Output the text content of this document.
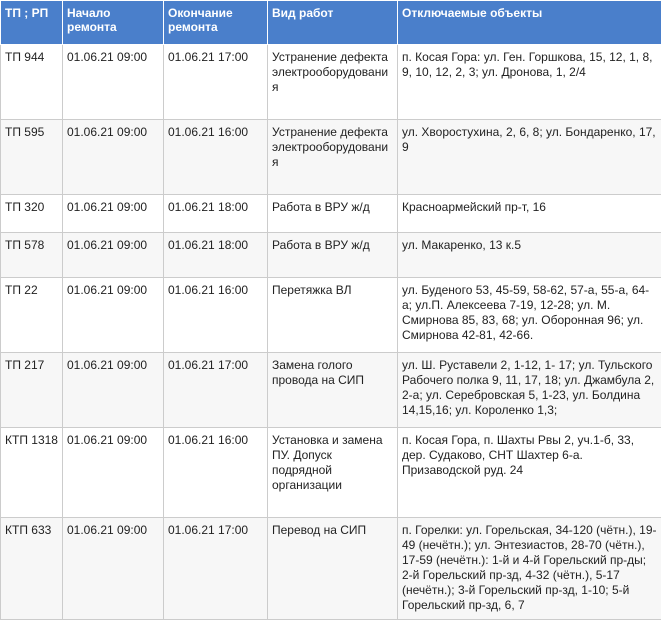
ТП ; РП	Начало ремонта	Окончание ремонта	Вид работ	Отключаемые объекты
ТП 944	01.06.21 09:00	01.06.21 17:00	Устранение дефекта электрооборудования	п. Косая Гора: ул. Ген. Горшкова, 15, 12, 1, 8, 9, 10, 12, 2, 3; ул. Дронова, 1, 2/4
ТП 595	01.06.21 09:00	01.06.21 16:00	Устранение дефекта электрооборудования	ул. Хворостухина, 2, 6, 8; ул. Бондаренко, 17, 9
ТП 320	01.06.21 09:00	01.06.21 18:00	Работа в ВРУ ж/д	Красноармейский пр-т, 16
ТП 578	01.06.21 09:00	01.06.21 18:00	Работа в ВРУ ж/д	ул. Макаренко, 13 к.5
ТП 22	01.06.21 09:00	01.06.21 16:00	Перетяжка ВЛ	ул. Буденого 53, 45-59, 58-62, 57-а, 55-а, 64-а; ул.П. Алексеева 7-19, 12-28; ул. М. Смирнова 85, 83, 68; ул. Оборонная 96; ул. Смирнова 42-81, 42-66.
ТП 217	01.06.21 09:00	01.06.21 17:00	Замена голого провода на СИП	ул. Ш. Руставели 2, 1-12, 1- 17; ул. Тульского Рабочего полка 9, 11, 17, 18; ул. Джамбула 2, 2-а; ул. Серебровская 5, 1-23, ул. Болдина 14,15,16; ул. Короленко 1,3;
КТП 1318	01.06.21 09:00	01.06.21 16:00	Установка и замена ПУ. Допуск подрядной организации	п. Косая Гора, п. Шахты Рвы 2, уч.1-б, 33, дер. Судаково, СНТ Шахтер 6-а. Призаводской руд. 24
КТП 633	01.06.21 09:00	01.06.21 17:00	Перевод на СИП	п. Горелки: ул. Горельская, 34-120 (чётн.), 19-49 (нечётн.); ул. Энтезиастов, 28-70 (чётн.), 17-59 (нечётн.): 1-й и 4-й Горельский пр-ды; 2-й Горельский пр-зд, 4-32 (чётн.), 5-17 (нечётн.); 3-й Горельский пр-зд, 1-10; 5-й Горельский пр-зд, 6, 7
